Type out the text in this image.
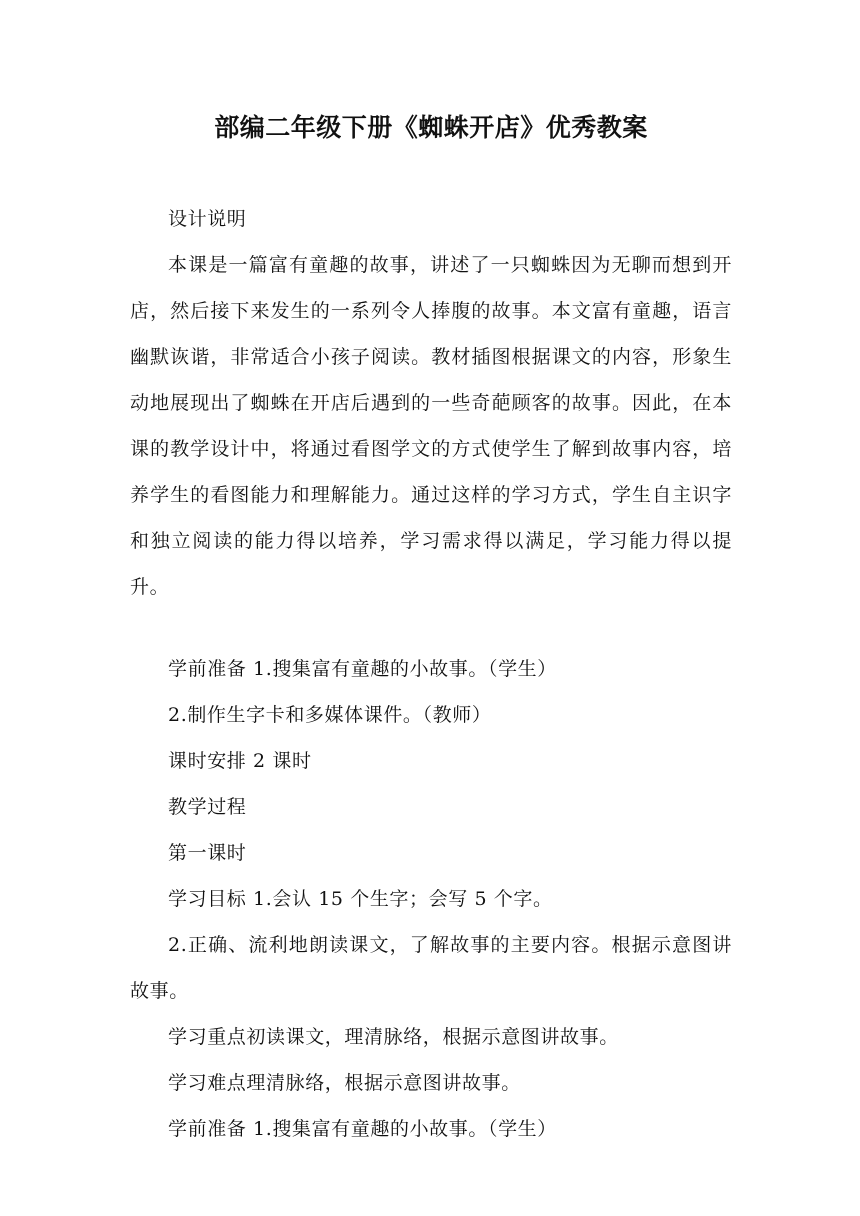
部编二年级下册《蜘蛛开店》优秀教案

设计说明

本课是一篇富有童趣的故事，讲述了一只蜘蛛因为无聊而想到开店，然后接下来发生的一系列令人捧腹的故事。本文富有童趣，语言幽默诙谐，非常适合小孩子阅读。教材插图根据课文的内容，形象生动地展现出了蜘蛛在开店后遇到的一些奇葩顾客的故事。因此，在本课的教学设计中，将通过看图学文的方式使学生了解到故事内容，培养学生的看图能力和理解能力。通过这样的学习方式，学生自主识字和独立阅读的能力得以培养，学习需求得以满足，学习能力得以提升。

学前准备 1.搜集富有童趣的小故事。（学生）

2.制作生字卡和多媒体课件。（教师）

课时安排 2 课时

教学过程

第一课时

学习目标 1.会认 15 个生字；会写 5 个字。

2.正确、流利地朗读课文，了解故事的主要内容。根据示意图讲故事。

学习重点初读课文，理清脉络，根据示意图讲故事。

学习难点理清脉络，根据示意图讲故事。

学前准备 1.搜集富有童趣的小故事。（学生）
